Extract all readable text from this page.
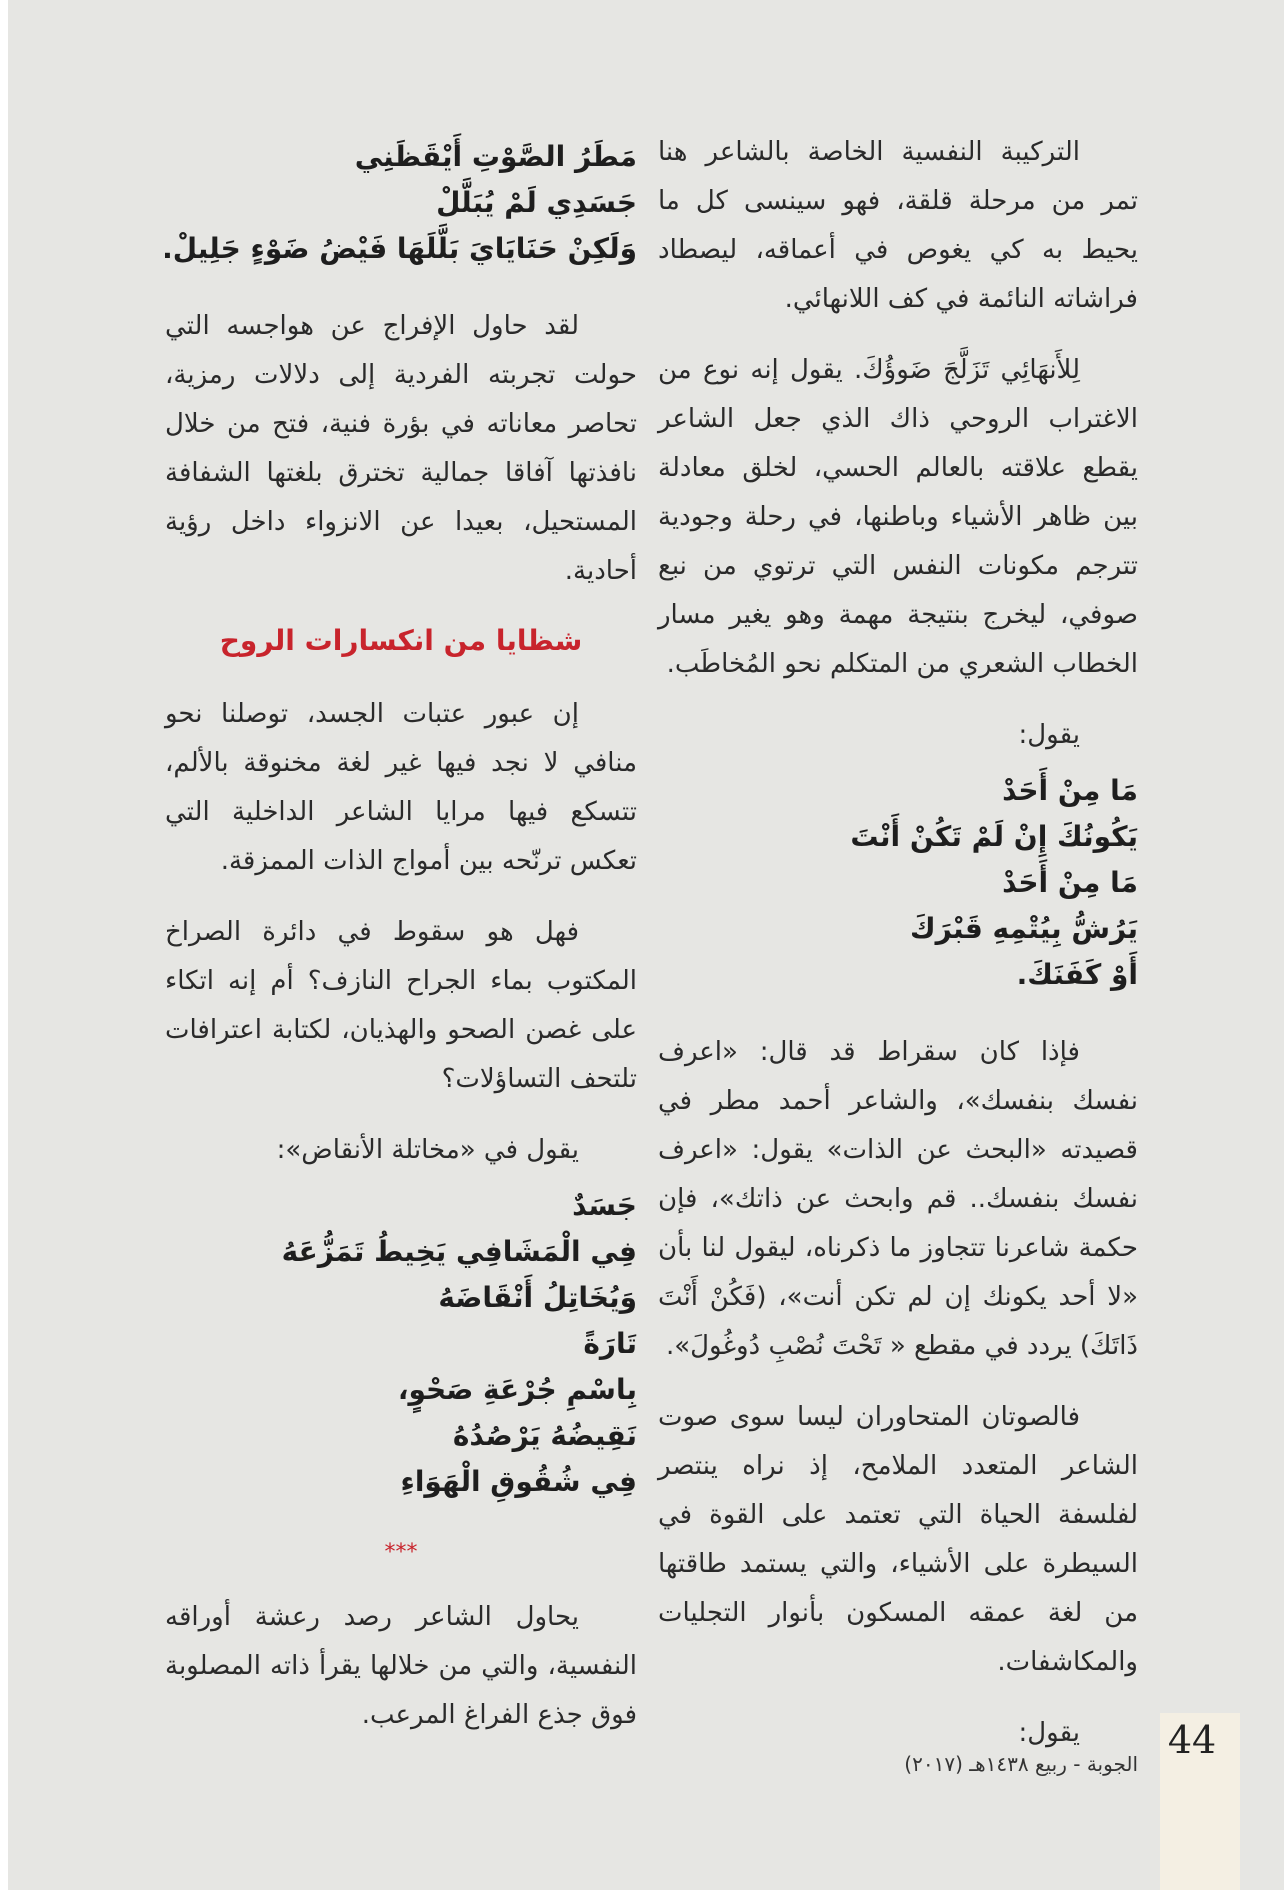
التركيبة النفسية الخاصة بالشاعر هنا تمر من مرحلة قلقة، فهو سينسى كل ما يحيط به كي يغوص في أعماقه، ليصطاد فراشاته النائمة في كف اللانهائي.

لِلأَنهَائِي تَزَلَّجَ ضَوؤُكَ. يقول إنه نوع من الاغتراب الروحي ذاك الذي جعل الشاعر يقطع علاقته بالعالم الحسي، لخلق معادلة بين ظاهر الأشياء وباطنها، في رحلة وجودية تترجم مكونات النفس التي ترتوي من نبع صوفي، ليخرج بنتيجة مهمة وهو يغير مسار الخطاب الشعري من المتكلم نحو المُخاطَب.

يقول:
مَا مِنْ أَحَدْ
يَكُونُكَ إِنْ لَمْ تَكُنْ أَنْتَ
مَا مِنْ أَحَدْ
يَرُشُّ بِيُتْمِهِ قَبْرَكَ
أَوْ كَفَنَكَ.

فإذا كان سقراط قد قال: «اعرف نفسك بنفسك»، والشاعر أحمد مطر في قصيدته «البحث عن الذات» يقول: «اعرف نفسك بنفسك.. قم وابحث عن ذاتك»، فإن حكمة شاعرنا تتجاوز ما ذكرناه، ليقول لنا بأن «لا أحد يكونك إن لم تكن أنت»، (فَكُنْ أَنْتَ ذَاتَكَ) يردد في مقطع « تَحْتَ نُصْبِ دُوغُولَ».

فالصوتان المتحاوران ليسا سوى صوت الشاعر المتعدد الملامح، إذ نراه ينتصر لفلسفة الحياة التي تعتمد على القوة في السيطرة على الأشياء، والتي يستمد طاقتها من لغة عمقه المسكون بأنوار التجليات والمكاشفات.

يقول:
مَطَرُ الصَّوْتِ أَيْقَظَنِي
جَسَدِي لَمْ يُبَلَّلْ
وَلَكِنْ حَنَايَايَ بَلَّلَهَا فَيْضُ ضَوْءٍ جَلِيلْ.

لقد حاول الإفراج عن هواجسه التي حولت تجربته الفردية إلى دلالات رمزية، تحاصر معاناته في بؤرة فنية، فتح من خلال نافذتها آفاقا جمالية تخترق بلغتها الشفافة المستحيل، بعيدا عن الانزواء داخل رؤية أحادية.

شظايا من انكسارات الروح

إن عبور عتبات الجسد، توصلنا نحو منافي لا نجد فيها غير لغة مخنوقة بالألم، تتسكع فيها مرايا الشاعر الداخلية التي تعكس ترنّحه بين أمواج الذات الممزقة.

فهل هو سقوط في دائرة الصراخ المكتوب بماء الجراح النازف؟ أم إنه اتكاء على غصن الصحو والهذيان، لكتابة اعترافات تلتحف التساؤلات؟

يقول في «مخاتلة الأنقاض»:
جَسَدٌ
فِي الْمَشَافِي يَخِيطُ تَمَزُّعَهُ
وَيُخَاتِلُ أَنْقَاضَهُ
تَارَةً
بِاسْمِ جُرْعَةِ صَحْوٍ،
نَقِيضُهُ يَرْصُدُهُ
فِي شُقُوقِ الْهَوَاءِ
***

يحاول الشاعر رصد رعشة أوراقه النفسية، والتي من خلالها يقرأ ذاته المصلوبة فوق جذع الفراغ المرعب.

44
الجوبة - ربيع ١٤٣٨هـ (٢٠١٧)
